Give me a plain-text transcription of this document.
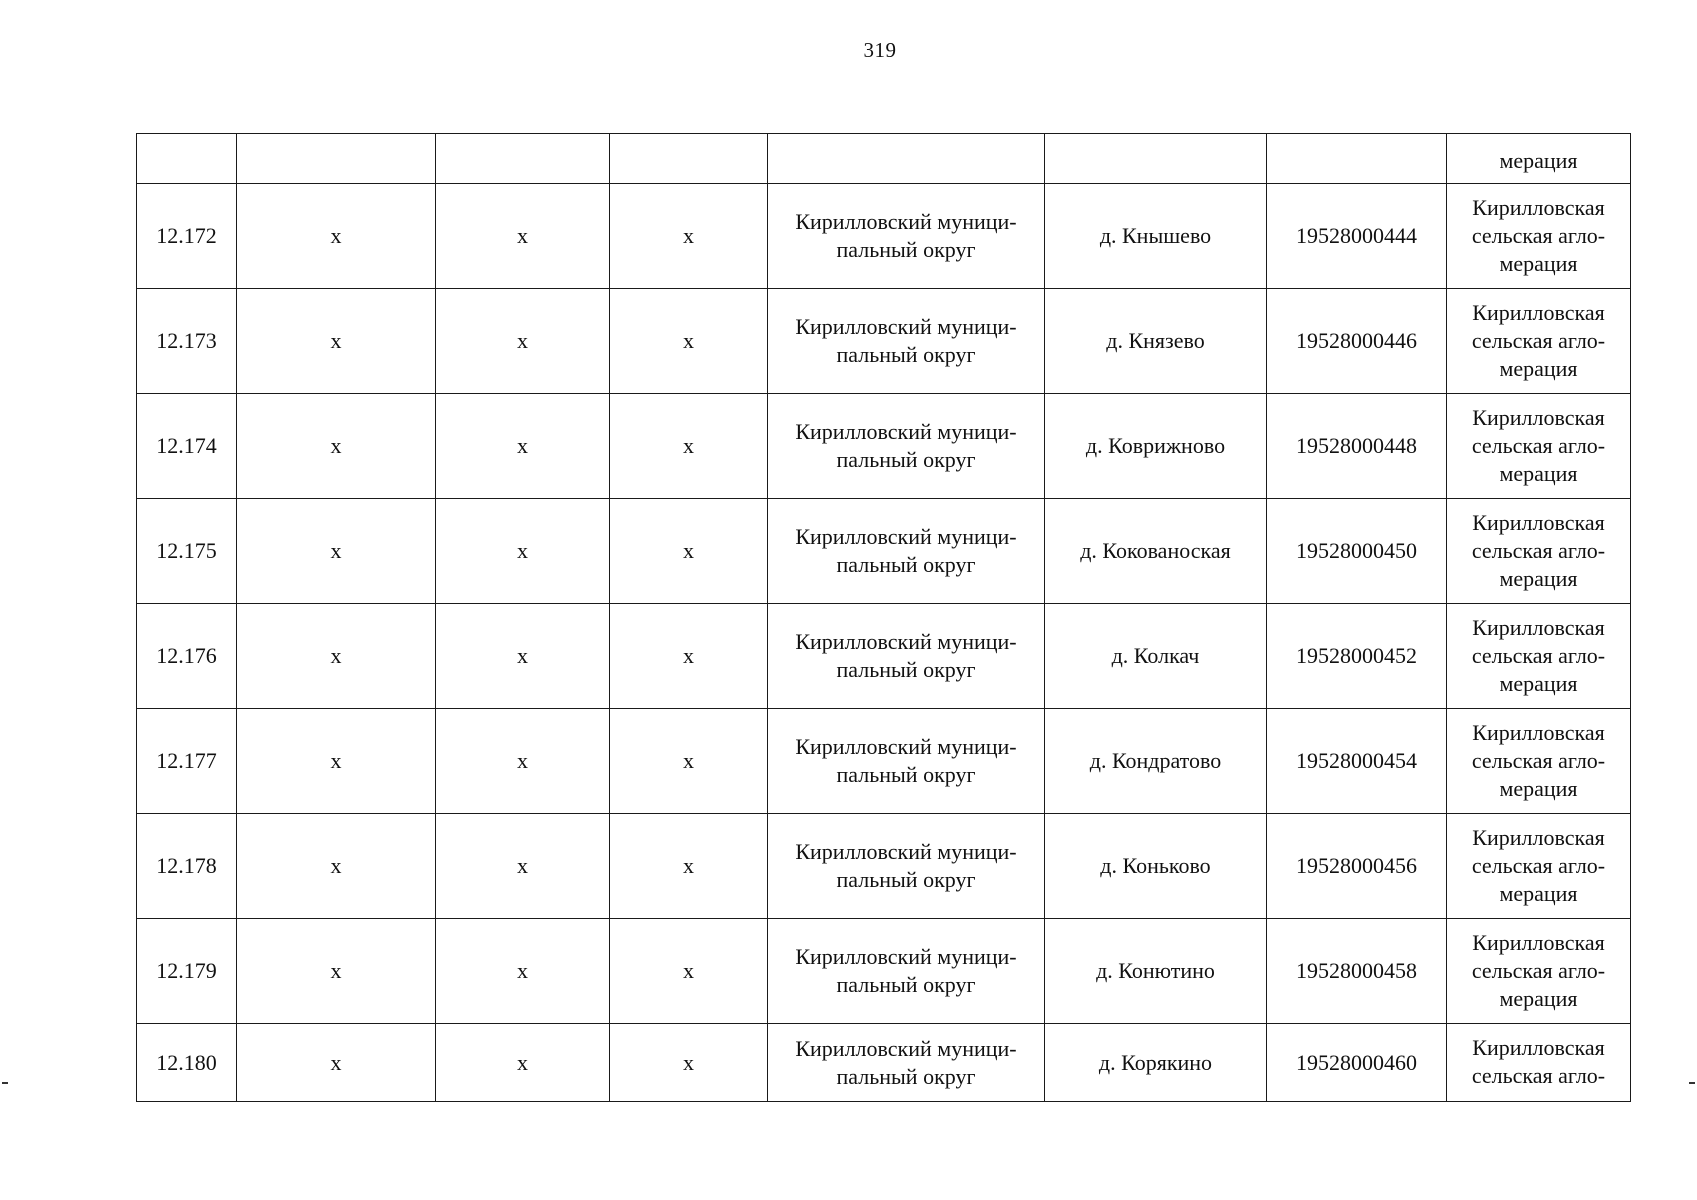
319
							мерация
12.172	x	x	x	Кирилловский муници-
пальный округ	д. Кнышево	19528000444	Кирилловская
сельская агло-
мерация

12.173	x	x	x	Кирилловский муници-
пальный округ	д. Князево	19528000446	Кирилловская
сельская агло-
мерация

12.174	x	x	x	Кирилловский муници-
пальный округ	д. Коврижново	19528000448	Кирилловская
сельская агло-
мерация

12.175	x	x	x	Кирилловский муници-
пальный округ	д. Кокованоская	19528000450	Кирилловская
сельская агло-
мерация

12.176	x	x	x	Кирилловский муници-
пальный округ	д. Колкач	19528000452	Кирилловская
сельская агло-
мерация

12.177	x	x	x	Кирилловский муници-
пальный округ	д. Кондратово	19528000454	Кирилловская
сельская агло-
мерация

12.178	x	x	x	Кирилловский муници-
пальный округ	д. Коньково	19528000456	Кирилловская
сельская агло-
мерация

12.179	x	x	x	Кирилловский муници-
пальный округ	д. Конютино	19528000458	Кирилловская
сельская агло-
мерация

12.180	x	x	x	Кирилловский муници-
пальный округ	д. Корякино	19528000460	Кирилловская
сельская агло-
